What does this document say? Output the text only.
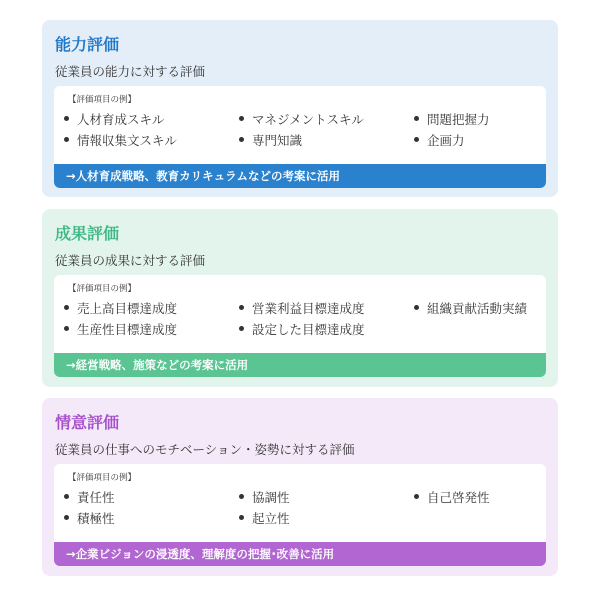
能力評価
従業員の能力に対する評価
【評価項目の例】
人材育成スキル	マネジメントスキル	問題把握力
情報収集文スキル	専門知識	企画力
→人材育成戦略、教育カリキュラムなどの考案に活用
成果評価
従業員の成果に対する評価
【評価項目の例】
売上高目標達成度	営業利益目標達成度	組織貢献活動実績
生産性目標達成度	設定した目標達成度
→経営戦略、施策などの考案に活用
情意評価
従業員の仕事へのモチベーション・姿勢に対する評価
【評価項目の例】
責任性	協調性	自己啓発性
積極性	起立性
→企業ビジョンの浸透度、理解度の把握･改善に活用
